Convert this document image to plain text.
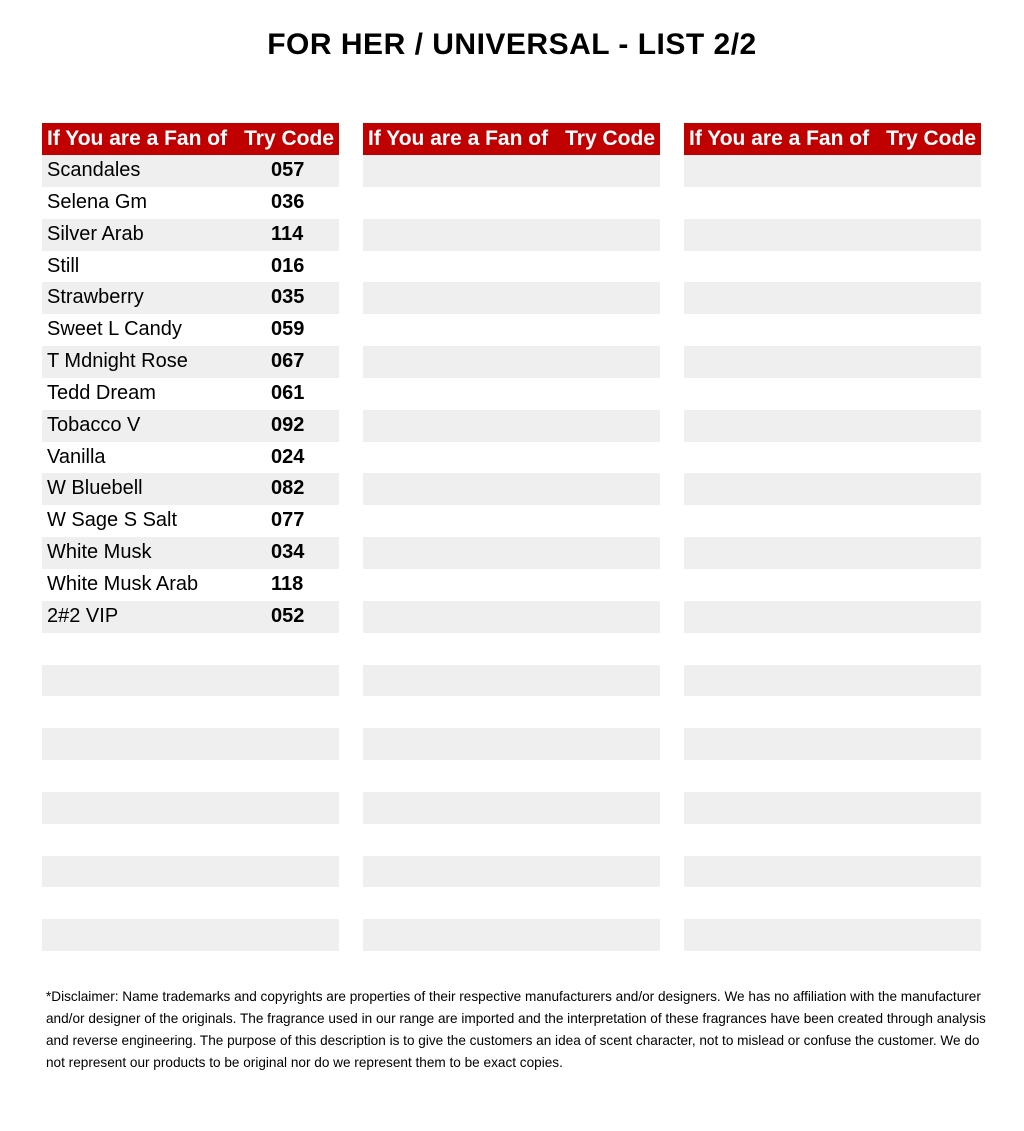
FOR HER / UNIVERSAL - LIST 2/2
If You are a Fan of Try Code
Scandales	057
Selena Gm	036
Silver Arab	114
Still	016
Strawberry	035
Sweet L Candy	059
T Mdnight Rose	067
Tedd Dream	061
Tobacco V	092
Vanilla	024
W Bluebell	082
W Sage S Salt	077
White Musk	034
White Musk Arab	118
2#2 VIP	052
If You are a Fan of Try Code If You are a Fan of Try Code

*Disclaimer: Name trademarks and copyrights are properties of their respective manufacturers and/or designers. We has no affiliation with the manufacturer and/or designer of the originals. The fragrance used in our range are imported and the interpretation of these fragrances have been created through analysis and reverse engineering. The purpose of this description is to give the customers an idea of scent character, not to mislead or confuse the customer. We do not represent our products to be original nor do we represent them to be exact copies.
